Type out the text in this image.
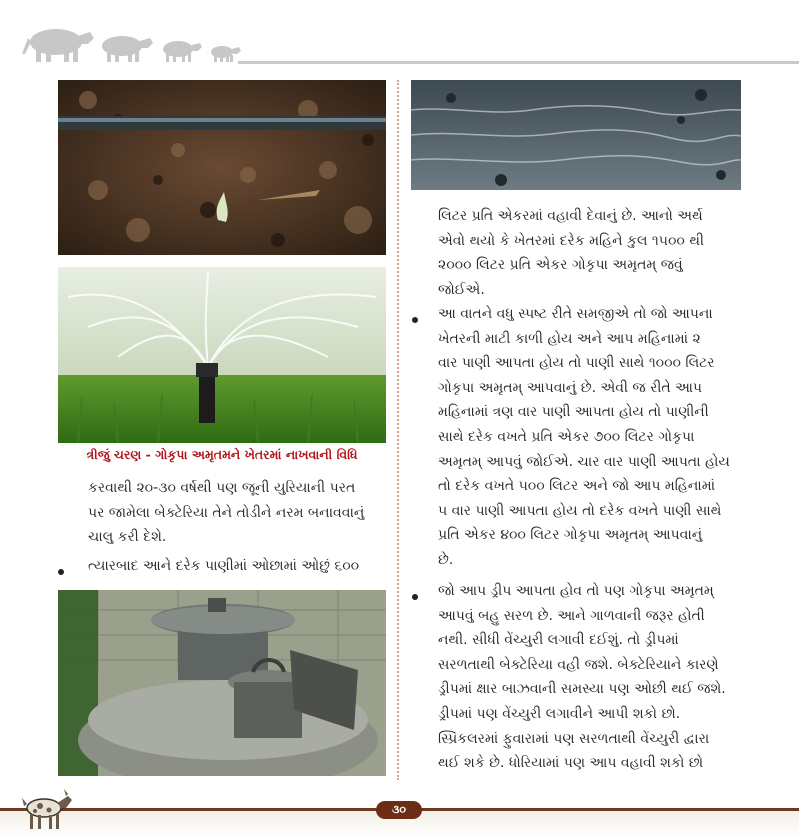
ત્રીજું ચરણ - ગોકૃપા અમૃતમને ખેતરમાં નાખવાની વિધિ
કરવાથી ૨૦-૩૦ વર્ષથી પણ જૂની યુરિયાની પરત
પર જામેલા બેક્ટેરિયા તેને તોડીને નરમ બનાવવાનું
ચાલુ કરી દેશે.
ત્યારબાદ આને દરેક પાણીમાં ઓછામાં ઓછું ૬૦૦
લિટર પ્રતિ એકરમાં વહાવી દેવાનું છે. આનો અર્થ
એવો થયો કે ખેતરમાં દરેક મહિને કુલ ૧૫૦૦ થી
૨૦૦૦ લિટર પ્રતિ એકર ગોકૃપા અમૃતમ્ જવું
જોઈએ.
આ વાતને વધુ સ્પષ્ટ રીતે સમજીએ તો જો આપના
ખેતરની માટી કાળી હોય અને આપ મહિનામાં ૨
વાર પાણી આપતા હોય તો પાણી સાથે ૧૦૦૦ લિટર
ગોકૃપા અમૃતમ્ આપવાનું છે. એવી જ રીતે આપ
મહિનામાં ત્રણ વાર પાણી આપતા હોય તો પાણીની
સાથે દરેક વખતે પ્રતિ એકર ૭૦૦ લિટર ગોકૃપા
અમૃતમ્ આપવું જોઈએ. ચાર વાર પાણી આપતા હોય
તો દરેક વખતે ૫૦૦ લિટર અને જો આપ મહિનામાં
૫ વાર પાણી આપતા હોય તો દરેક વખતે પાણી સાથે
પ્રતિ એકર ૪૦૦ લિટર ગોકૃપા અમૃતમ્ આપવાનું
છે.
જો આપ ડ્રીપ આપતા હોવ તો પણ ગોકૃપા અમૃતમ્
આપવું બહુ સરળ છે. આને ગાળવાની જરૂર હોતી
નથી. સીધી વેંચ્યુરી લગાવી દઈશું. તો ડ્રીપમાં
સરળતાથી બેક્ટેરિયા વહી જશે. બેક્ટેરિયાને કારણે
ડ્રીપમાં ક્ષાર બાઝવાની સમસ્યા પણ ઓછી થઈ જશે.
ડ્રીપમાં પણ વેંચ્યુરી લગાવીને આપી શકો છો.
સ્પ્રિંકલરમાં ફુવારામાં પણ સરળતાથી વેંચ્યુરી દ્વારા
થઈ શકે છે. ધોરિયામાં પણ આપ વહાવી શકો છો
૩૦
